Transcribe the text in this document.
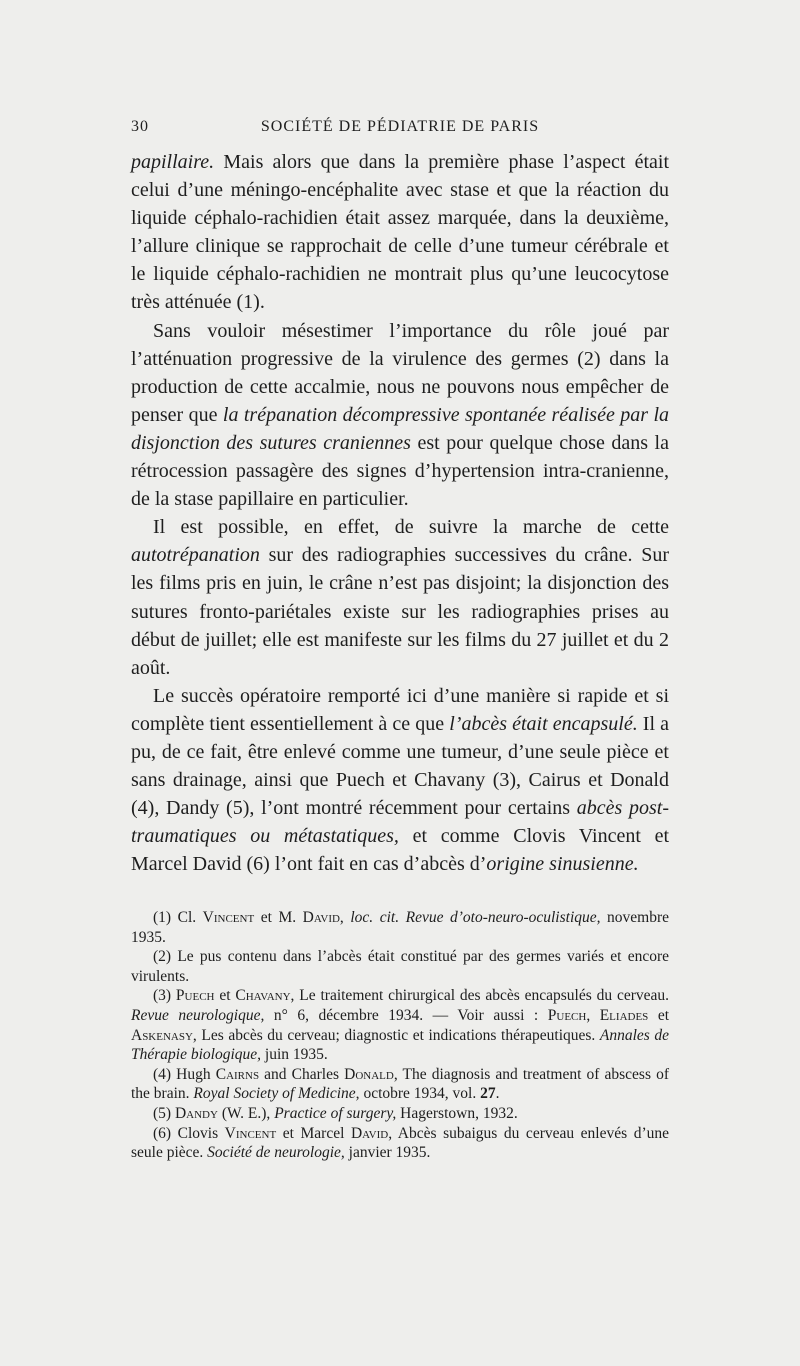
30	SOCIÉTÉ DE PÉDIATRIE DE PARIS

papillaire. Mais alors que dans la première phase l’aspect était celui d’une méningo-encéphalite avec stase et que la réaction du liquide céphalo-rachidien était assez marquée, dans la deuxième, l’allure clinique se rapprochait de celle d’une tumeur cérébrale et le liquide céphalo-rachidien ne montrait plus qu’une leucocytose très atténuée (1).

Sans vouloir mésestimer l’importance du rôle joué par l’atténuation progressive de la virulence des germes (2) dans la production de cette accalmie, nous ne pouvons nous empêcher de penser que la trépanation décompressive spontanée réalisée par la disjonction des sutures craniennes est pour quelque chose dans la rétrocession passagère des signes d’hypertension intra-cranienne, de la stase papillaire en particulier.

Il est possible, en effet, de suivre la marche de cette autotrépanation sur des radiographies successives du crâne. Sur les films pris en juin, le crâne n’est pas disjoint; la disjonction des sutures fronto-pariétales existe sur les radiographies prises au début de juillet; elle est manifeste sur les films du 27 juillet et du 2 août.

Le succès opératoire remporté ici d’une manière si rapide et si complète tient essentiellement à ce que l’abcès était encapsulé. Il a pu, de ce fait, être enlevé comme une tumeur, d’une seule pièce et sans drainage, ainsi que Puech et Chavany (3), Cairus et Donald (4), Dandy (5), l’ont montré récemment pour certains abcès post-traumatiques ou métastatiques, et comme Clovis Vincent et Marcel David (6) l’ont fait en cas d’abcès d’origine sinusienne.

(1) Cl. Vincent et M. David, loc. cit. Revue d’oto-neuro-oculistique, novembre 1935.

(2) Le pus contenu dans l’abcès était constitué par des germes variés et encore virulents.

(3) Puech et Chavany, Le traitement chirurgical des abcès encapsulés du cerveau. Revue neurologique, n° 6, décembre 1934. — Voir aussi : Puech, Eliades et Askenasy, Les abcès du cerveau; diagnostic et indications thérapeutiques. Annales de Thérapie biologique, juin 1935.

(4) Hugh Cairns and Charles Donald, The diagnosis and treatment of abscess of the brain. Royal Society of Medicine, octobre 1934, vol. 27.

(5) Dandy (W. E.), Practice of surgery, Hagerstown, 1932.

(6) Clovis Vincent et Marcel David, Abcès subaigus du cerveau enlevés d’une seule pièce. Société de neurologie, janvier 1935.
